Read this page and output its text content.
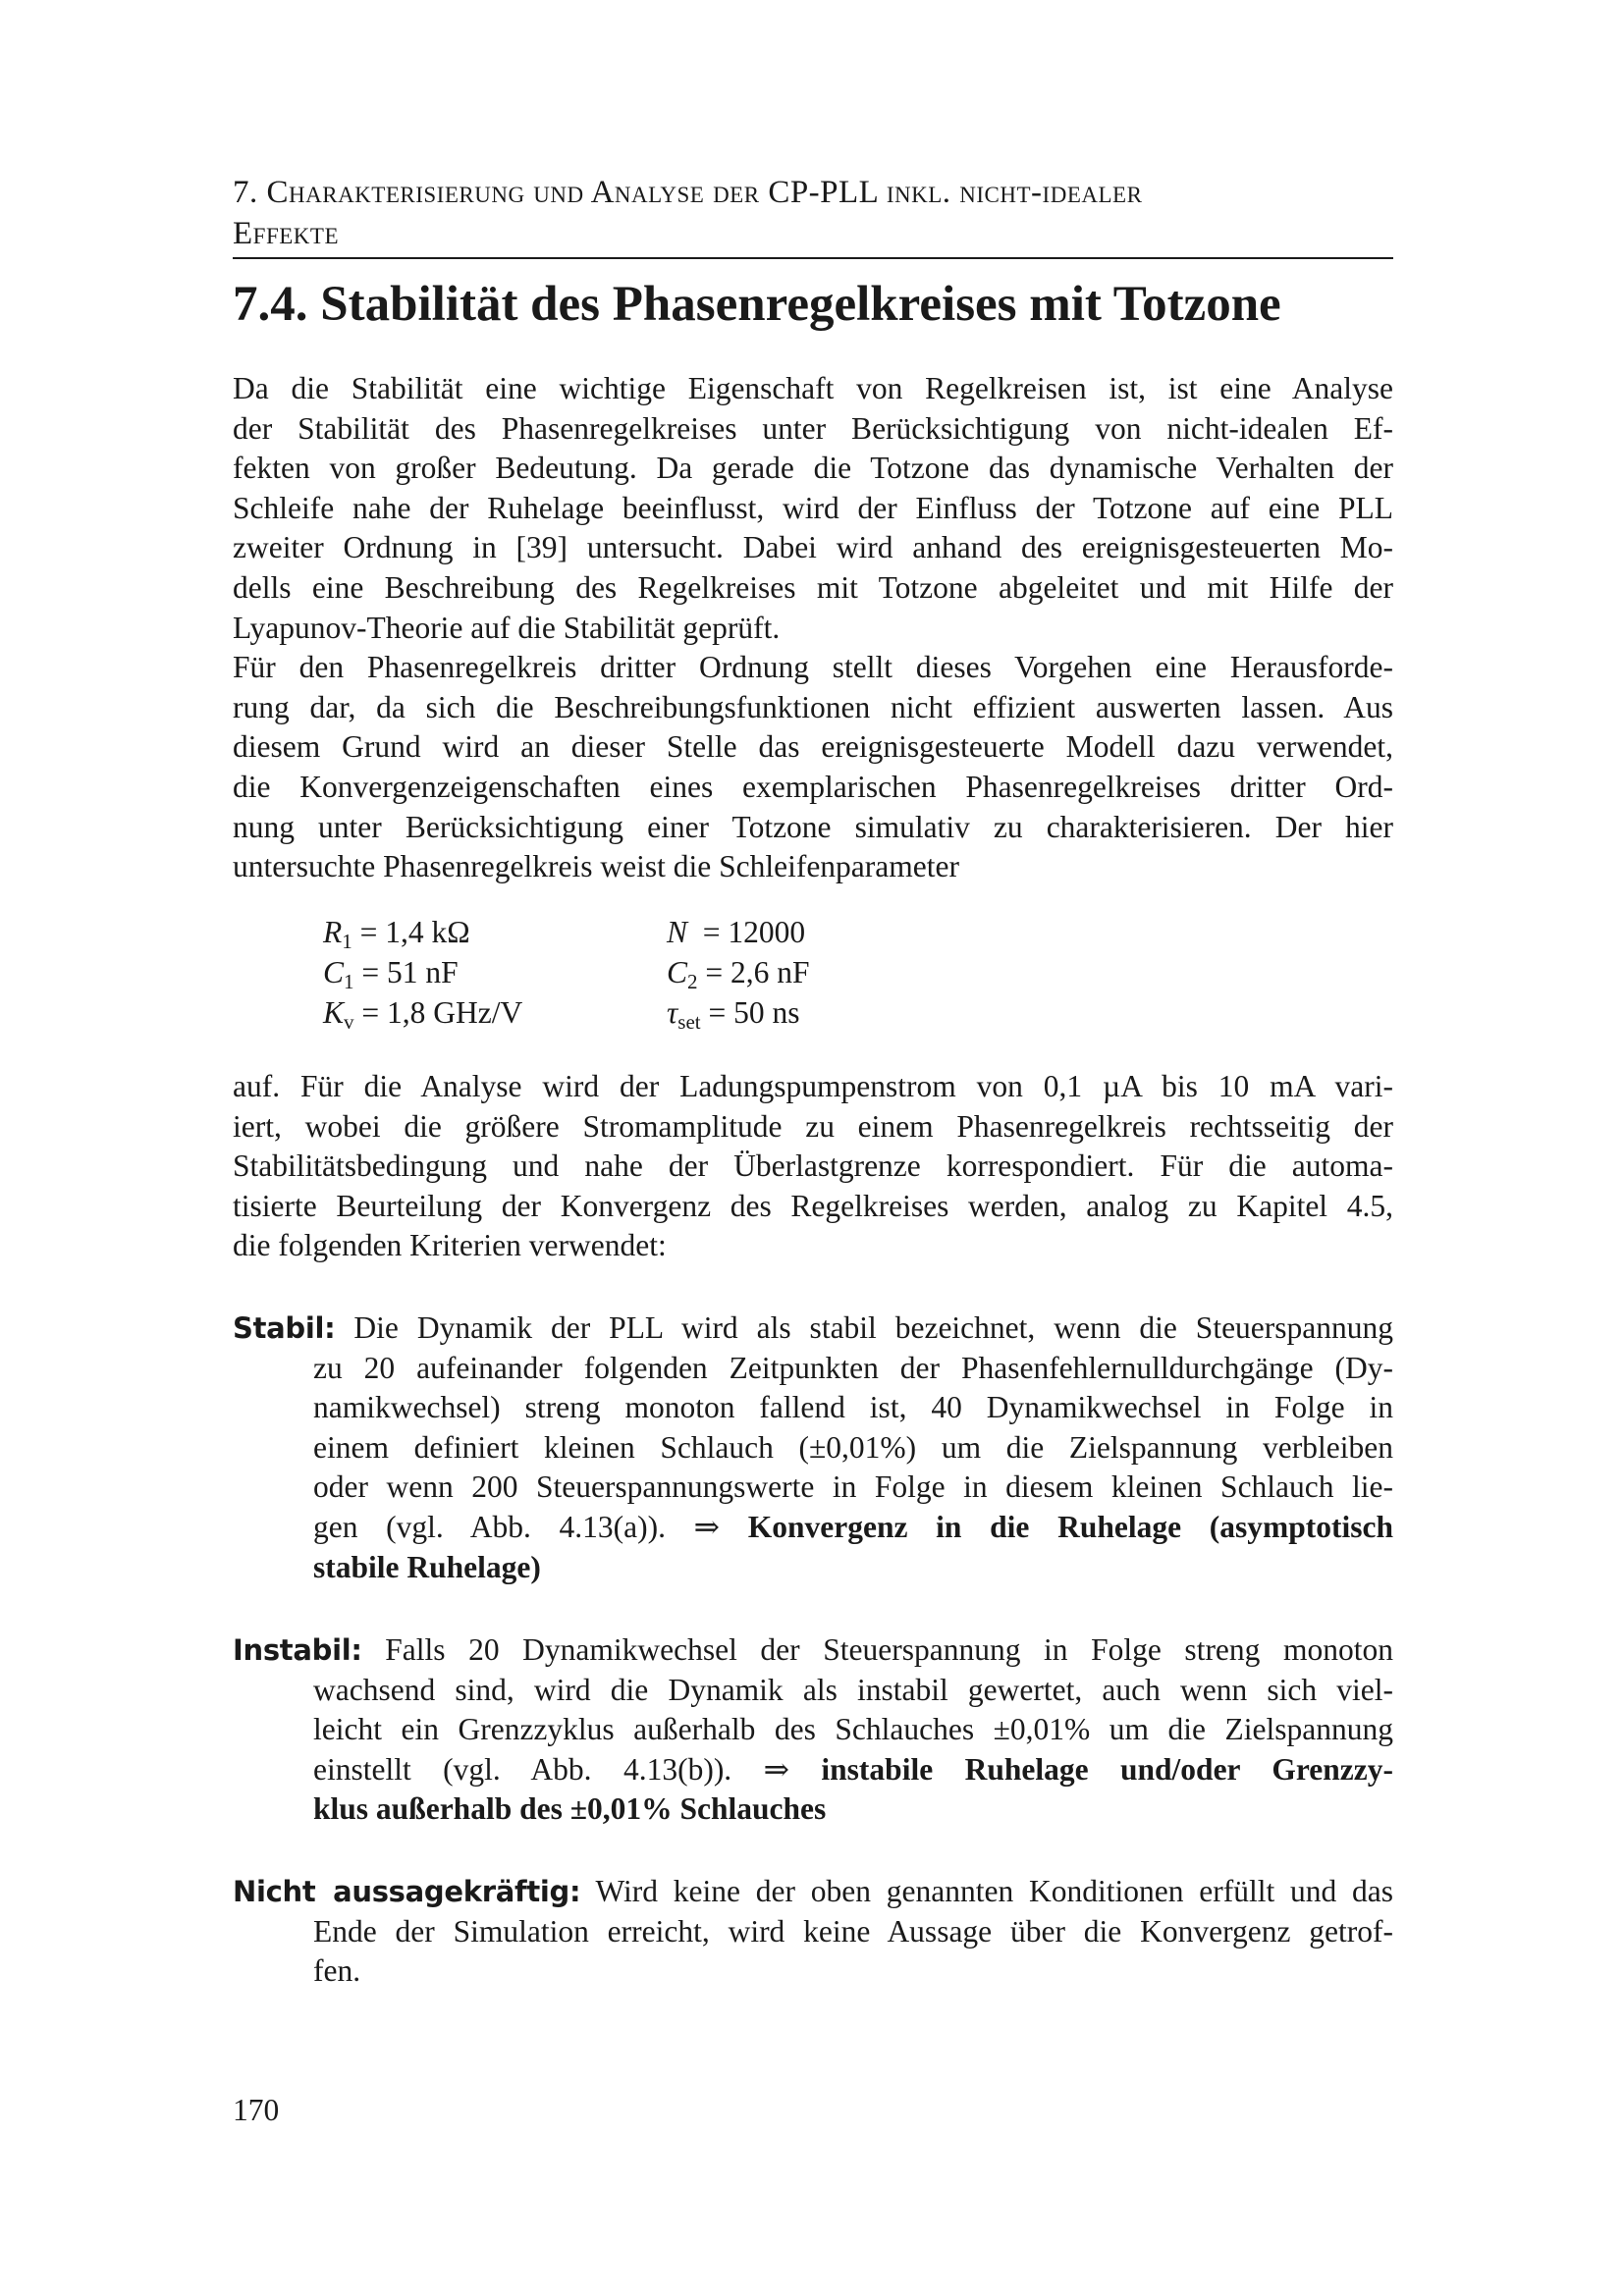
7. Charakterisierung und Analyse der CP-PLL inkl. nicht-idealer
Effekte
7.4. Stabilität des Phasenregelkreises mit Totzone
Da die Stabilität eine wichtige Eigenschaft von Regelkreisen ist, ist eine Analyse
der Stabilität des Phasenregelkreises unter Berücksichtigung von nicht-idealen Ef-
fekten von großer Bedeutung. Da gerade die Totzone das dynamische Verhalten der
Schleife nahe der Ruhelage beeinflusst, wird der Einfluss der Totzone auf eine PLL
zweiter Ordnung in [39] untersucht. Dabei wird anhand des ereignisgesteuerten Mo-
dells eine Beschreibung des Regelkreises mit Totzone abgeleitet und mit Hilfe der
Lyapunov-Theorie auf die Stabilität geprüft.
Für den Phasenregelkreis dritter Ordnung stellt dieses Vorgehen eine Herausforde-
rung dar, da sich die Beschreibungsfunktionen nicht effizient auswerten lassen. Aus
diesem Grund wird an dieser Stelle das ereignisgesteuerte Modell dazu verwendet,
die Konvergenzeigenschaften eines exemplarischen Phasenregelkreises dritter Ord-
nung unter Berücksichtigung einer Totzone simulativ zu charakterisieren. Der hier
untersuchte Phasenregelkreis weist die Schleifenparameter
$R_1 = 1,4$ kΩ	N  = 12000
$C_1 = 51$ nF	$C_2 = 2,6$ nF
$K_v = 1,8$ GHz/V	$\tau_{set} = 50$ ns
auf. Für die Analyse wird der Ladungspumpenstrom von 0,1 µA bis 10 mA vari-
iert, wobei die größere Stromamplitude zu einem Phasenregelkreis rechtsseitig der
Stabilitätsbedingung und nahe der Überlastgrenze korrespondiert. Für die automa-
tisierte Beurteilung der Konvergenz des Regelkreises werden, analog zu Kapitel 4.5,
die folgenden Kriterien verwendet:
Stabil: Die Dynamik der PLL wird als stabil bezeichnet, wenn die Steuerspannung
zu 20 aufeinander folgenden Zeitpunkten der Phasenfehlernulldurchgänge (Dy-
namikwechsel) streng monoton fallend ist, 40 Dynamikwechsel in Folge in
einem definiert kleinen Schlauch (±0,01%) um die Zielspannung verbleiben
oder wenn 200 Steuerspannungswerte in Folge in diesem kleinen Schlauch lie-
gen (vgl. Abb. 4.13(a)). ⇒ Konvergenz in die Ruhelage (asymptotisch
stabile Ruhelage)
Instabil: Falls 20 Dynamikwechsel der Steuerspannung in Folge streng monoton
wachsend sind, wird die Dynamik als instabil gewertet, auch wenn sich viel-
leicht ein Grenzzyklus außerhalb des Schlauches ±0,01% um die Zielspannung
einstellt (vgl. Abb. 4.13(b)). ⇒ instabile Ruhelage und/oder Grenzzy-
klus außerhalb des ±0,01% Schlauches
Nicht aussagekräftig: Wird keine der oben genannten Konditionen erfüllt und das
Ende der Simulation erreicht, wird keine Aussage über die Konvergenz getrof-
fen.
170
